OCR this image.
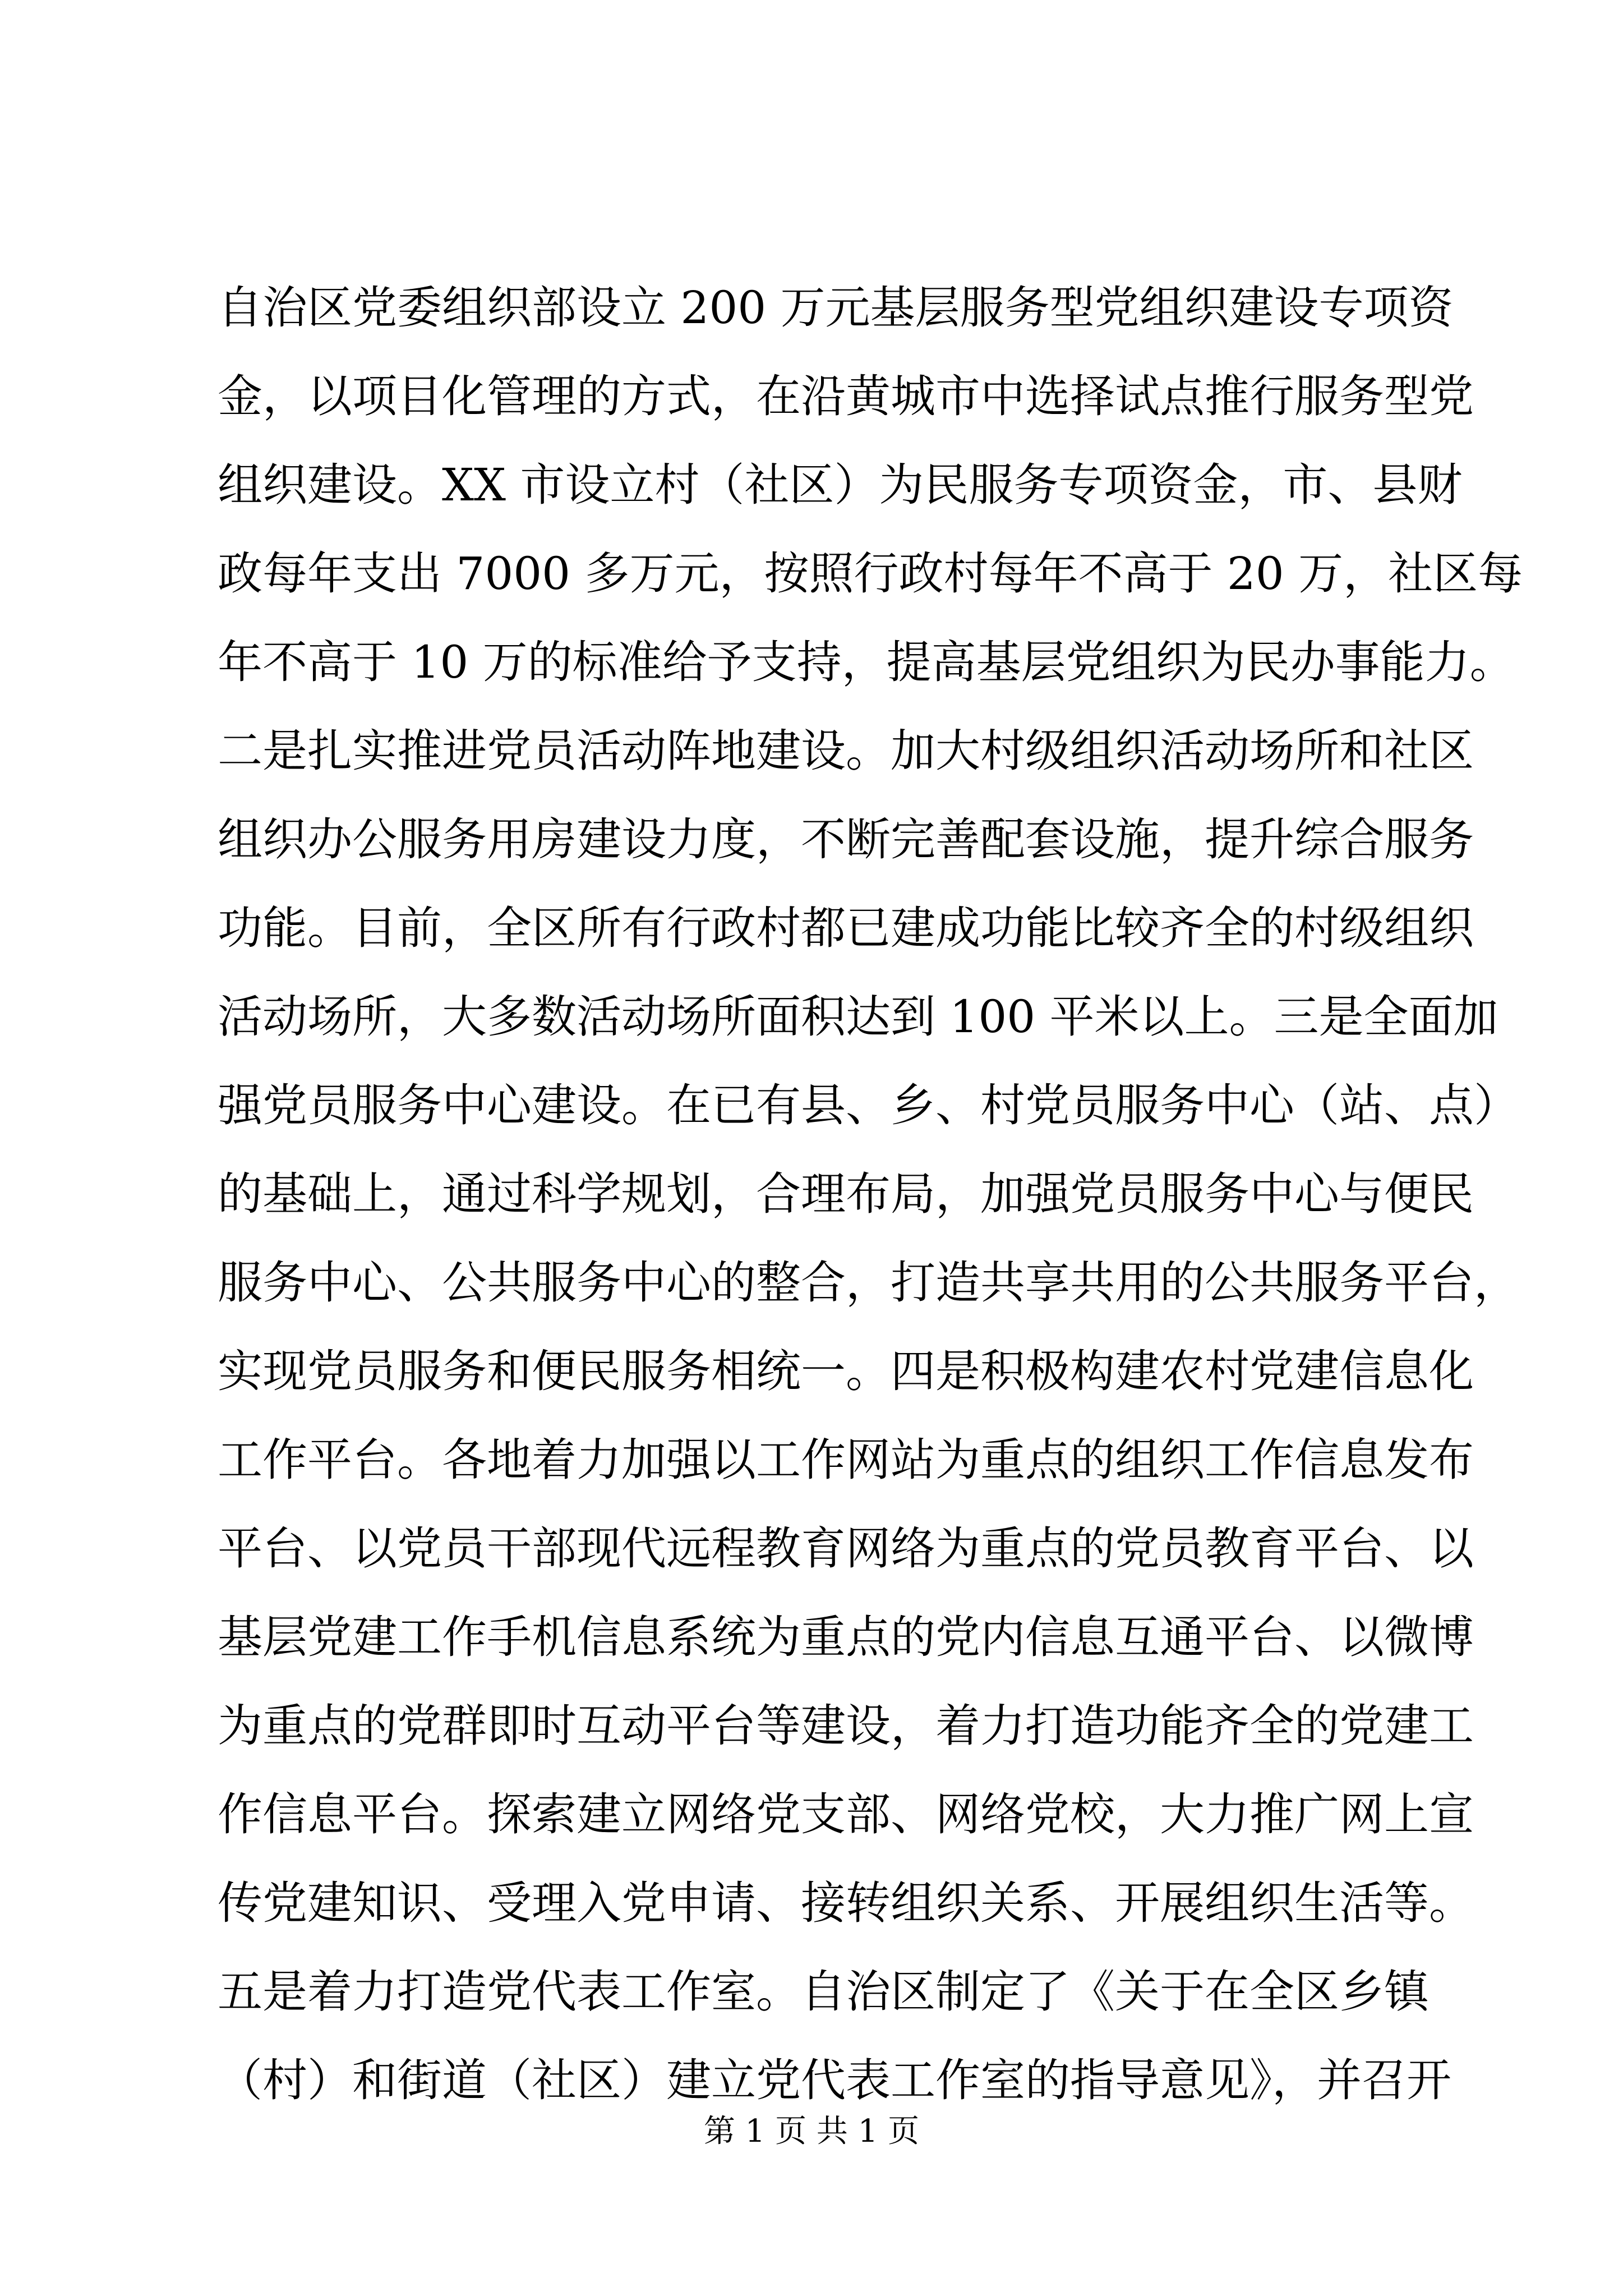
自治区党委组织部设立 200 万元基层服务型党组织建设专项资
金，以项目化管理的方式，在沿黄城市中选择试点推行服务型党
组织建设。XX 市设立村（社区）为民服务专项资金，市、县财
政每年支出 7000 多万元，按照行政村每年不高于 20 万，社区每
年不高于 10 万的标准给予支持，提高基层党组织为民办事能力。
二是扎实推进党员活动阵地建设。加大村级组织活动场所和社区
组织办公服务用房建设力度，不断完善配套设施，提升综合服务
功能。目前，全区所有行政村都已建成功能比较齐全的村级组织
活动场所，大多数活动场所面积达到 100 平米以上。三是全面加
强党员服务中心建设。在已有县、乡、村党员服务中心（站、点）
的基础上，通过科学规划，合理布局，加强党员服务中心与便民
服务中心、公共服务中心的整合，打造共享共用的公共服务平台，
实现党员服务和便民服务相统一。四是积极构建农村党建信息化
工作平台。各地着力加强以工作网站为重点的组织工作信息发布
平台、以党员干部现代远程教育网络为重点的党员教育平台、以
基层党建工作手机信息系统为重点的党内信息互通平台、以微博
为重点的党群即时互动平台等建设，着力打造功能齐全的党建工
作信息平台。探索建立网络党支部、网络党校，大力推广网上宣
传党建知识、受理入党申请、接转组织关系、开展组织生活等。
五是着力打造党代表工作室。自治区制定了《关于在全区乡镇
（村）和街道（社区）建立党代表工作室的指导意见》，并召开
第 1 页 共 1 页
